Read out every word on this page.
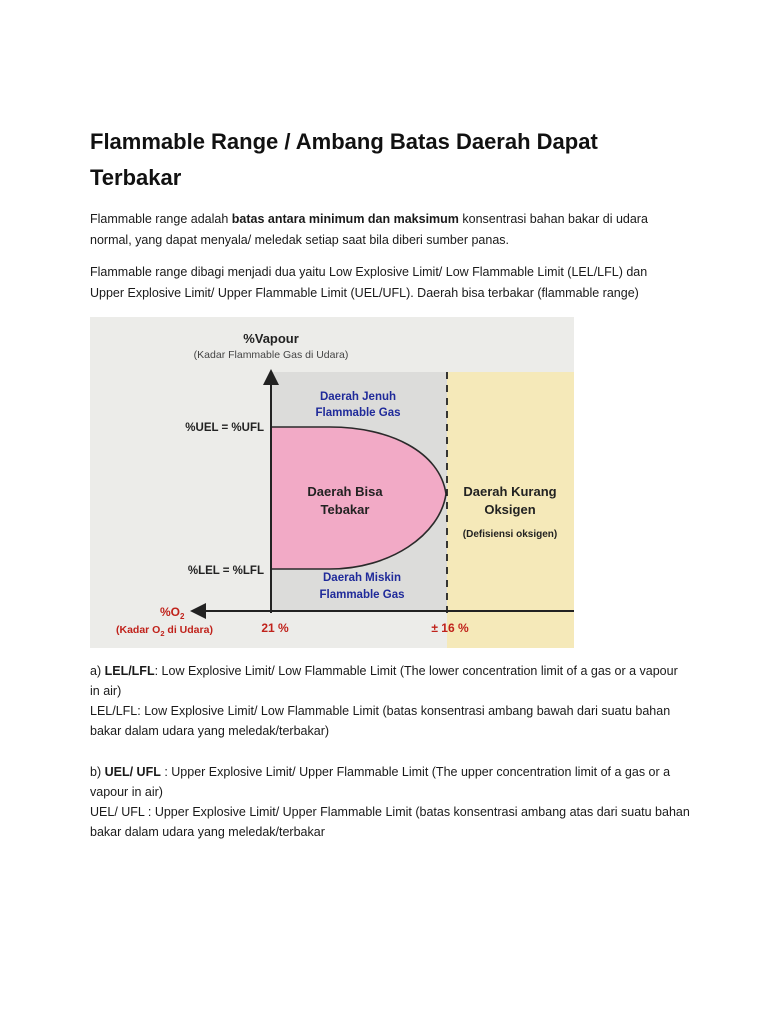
Flammable Range / Ambang Batas Daerah Dapat Terbakar

Flammable range adalah batas antara minimum dan maksimum konsentrasi bahan bakar di udara normal, yang dapat menyala/ meledak setiap saat bila diberi sumber panas.

Flammable range dibagi menjadi dua yaitu Low Explosive Limit/ Low Flammable Limit (LEL/LFL) dan Upper Explosive Limit/ Upper Flammable Limit (UEL/UFL). Daerah bisa terbakar (flammable range)

%Vapour
(Kadar Flammable Gas di Udara)
%UEL = %UFL
%LEL = %LFL
Daerah Jenuh
Flammable Gas
Daerah Bisa
Tebakar
Daerah Miskin
Flammable Gas
Daerah Kurang
Oksigen
(Defisiensi oksigen)
$\%O_2$
(Kadar $O_2$ di Udara)	21 %	± 16 %

a) LEL/LFL: Low Explosive Limit/ Low Flammable Limit (The lower concentration limit of a gas or a vapour in air)

LEL/LFL: Low Explosive Limit/ Low Flammable Limit (batas konsentrasi ambang bawah dari suatu bahan bakar dalam udara yang meledak/terbakar)

b) UEL/ UFL : Upper Explosive Limit/ Upper Flammable Limit (The upper concentration limit of a gas or a vapour in air)

UEL/ UFL : Upper Explosive Limit/ Upper Flammable Limit (batas konsentrasi ambang atas dari suatu bahan bakar dalam udara yang meledak/terbakar
